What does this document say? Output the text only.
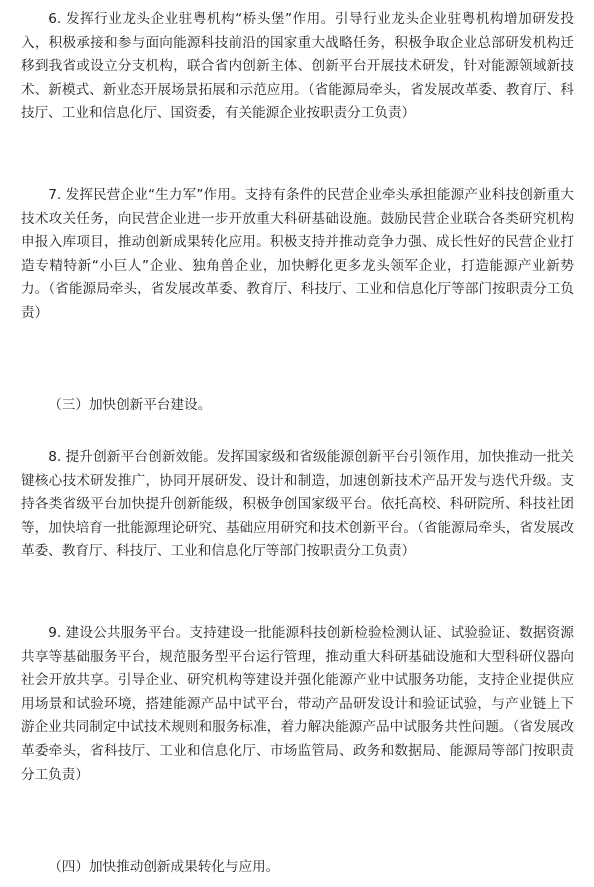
6. 发挥行业龙头企业驻粤机构“桥头堡”作用。引导行业龙头企业驻粤机构增加研发投入，积极承接和参与面向能源科技前沿的国家重大战略任务，积极争取企业总部研发机构迁移到我省或设立分支机构，联合省内创新主体、创新平台开展技术研发，针对能源领域新技术、新模式、新业态开展场景拓展和示范应用。（省能源局牵头，省发展改革委、教育厅、科技厅、工业和信息化厅、国资委，有关能源企业按职责分工负责）

7. 发挥民营企业“生力军”作用。支持有条件的民营企业牵头承担能源产业科技创新重大技术攻关任务，向民营企业进一步开放重大科研基础设施。鼓励民营企业联合各类研究机构申报入库项目，推动创新成果转化应用。积极支持并推动竞争力强、成长性好的民营企业打造专精特新“小巨人”企业、独角兽企业，加快孵化更多龙头领军企业，打造能源产业新势力。（省能源局牵头，省发展改革委、教育厅、科技厅、工业和信息化厅等部门按职责分工负责）

（三）加快创新平台建设。

8. 提升创新平台创新效能。发挥国家级和省级能源创新平台引领作用，加快推动一批关键核心技术研发推广，协同开展研发、设计和制造，加速创新技术产品开发与迭代升级。支持各类省级平台加快提升创新能级，积极争创国家级平台。依托高校、科研院所、科技社团等，加快培育一批能源理论研究、基础应用研究和技术创新平台。（省能源局牵头，省发展改革委、教育厅、科技厅、工业和信息化厅等部门按职责分工负责）

9. 建设公共服务平台。支持建设一批能源科技创新检验检测认证、试验验证、数据资源共享等基础服务平台，规范服务型平台运行管理，推动重大科研基础设施和大型科研仪器向社会开放共享。引导企业、研究机构等建设并强化能源产业中试服务功能，支持企业提供应用场景和试验环境，搭建能源产品中试平台，带动产品研发设计和验证试验，与产业链上下游企业共同制定中试技术规则和服务标准，着力解决能源产品中试服务共性问题。（省发展改革委牵头，省科技厅、工业和信息化厅、市场监管局、政务和数据局、能源局等部门按职责分工负责）

（四）加快推动创新成果转化与应用。
